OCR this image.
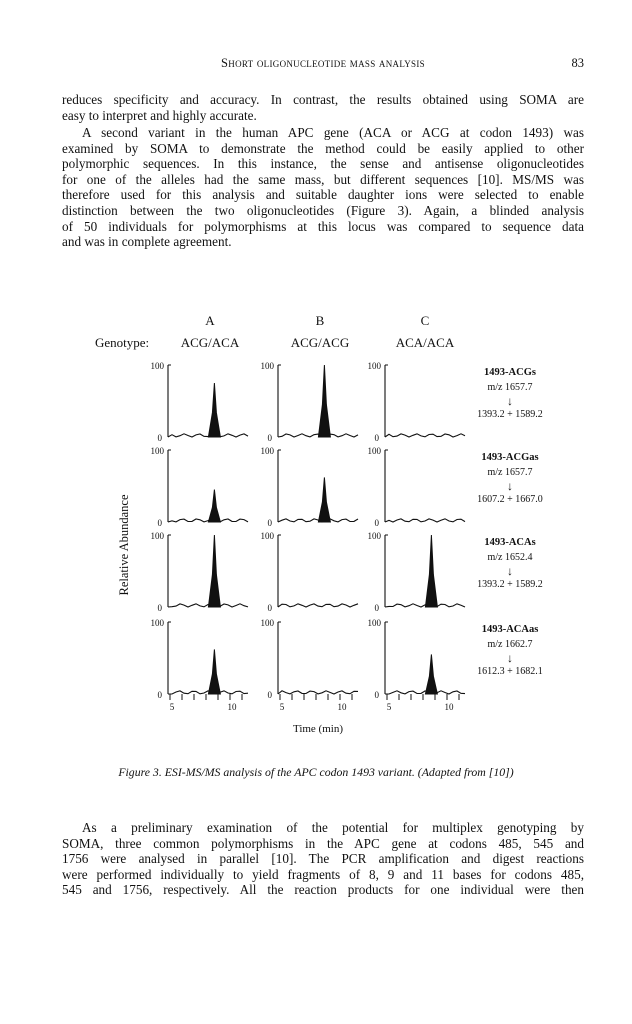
Short oligonucleotide mass analysis	83
reduces specificity and accuracy. In contrast, the results obtained using SOMA are
easy to interpret and highly accurate.
A second variant in the human APC gene (ACA or ACG at codon 1493) was
examined by SOMA to demonstrate the method could be easily applied to other
polymorphic sequences. In this instance, the sense and antisense oligonucleotides
for one of the alleles had the same mass, but different sequences [10]. MS/MS was
therefore used for this analysis and suitable daughter ions were selected to enable
distinction between the two oligonucleotides (Figure 3). Again, a blinded analysis
of 50 individuals for polymorphisms at this locus was compared to sequence data
and was in complete agreement.
A
ACG/ACA
B
ACG/ACG
C
ACA/ACA
Genotype:
Relative Abundance
100
0
100
0
100
0
1493-ACGs
m/z 1657.7
↓
1393.2 + 1589.2
100
0
100
0
100
0
1493-ACGas
m/z 1657.7
↓
1607.2 + 1667.0
100
0
100
0
100
0
1493-ACAs
m/z 1652.4
↓
1393.2 + 1589.2
100
0
5	10
100
0
5	10
100
0
5	10
1493-ACAas
m/z 1662.7
↓
1612.3 + 1682.1
Time (min)
Figure 3. ESI-MS/MS analysis of the APC codon 1493 variant. (Adapted from [10])
As a preliminary examination of the potential for multiplex genotyping by
SOMA, three common polymorphisms in the APC gene at codons 485, 545 and
1756 were analysed in parallel [10]. The PCR amplification and digest reactions
were performed individually to yield fragments of 8, 9 and 11 bases for codons 485,
545 and 1756, respectively. All the reaction products for one individual were then
